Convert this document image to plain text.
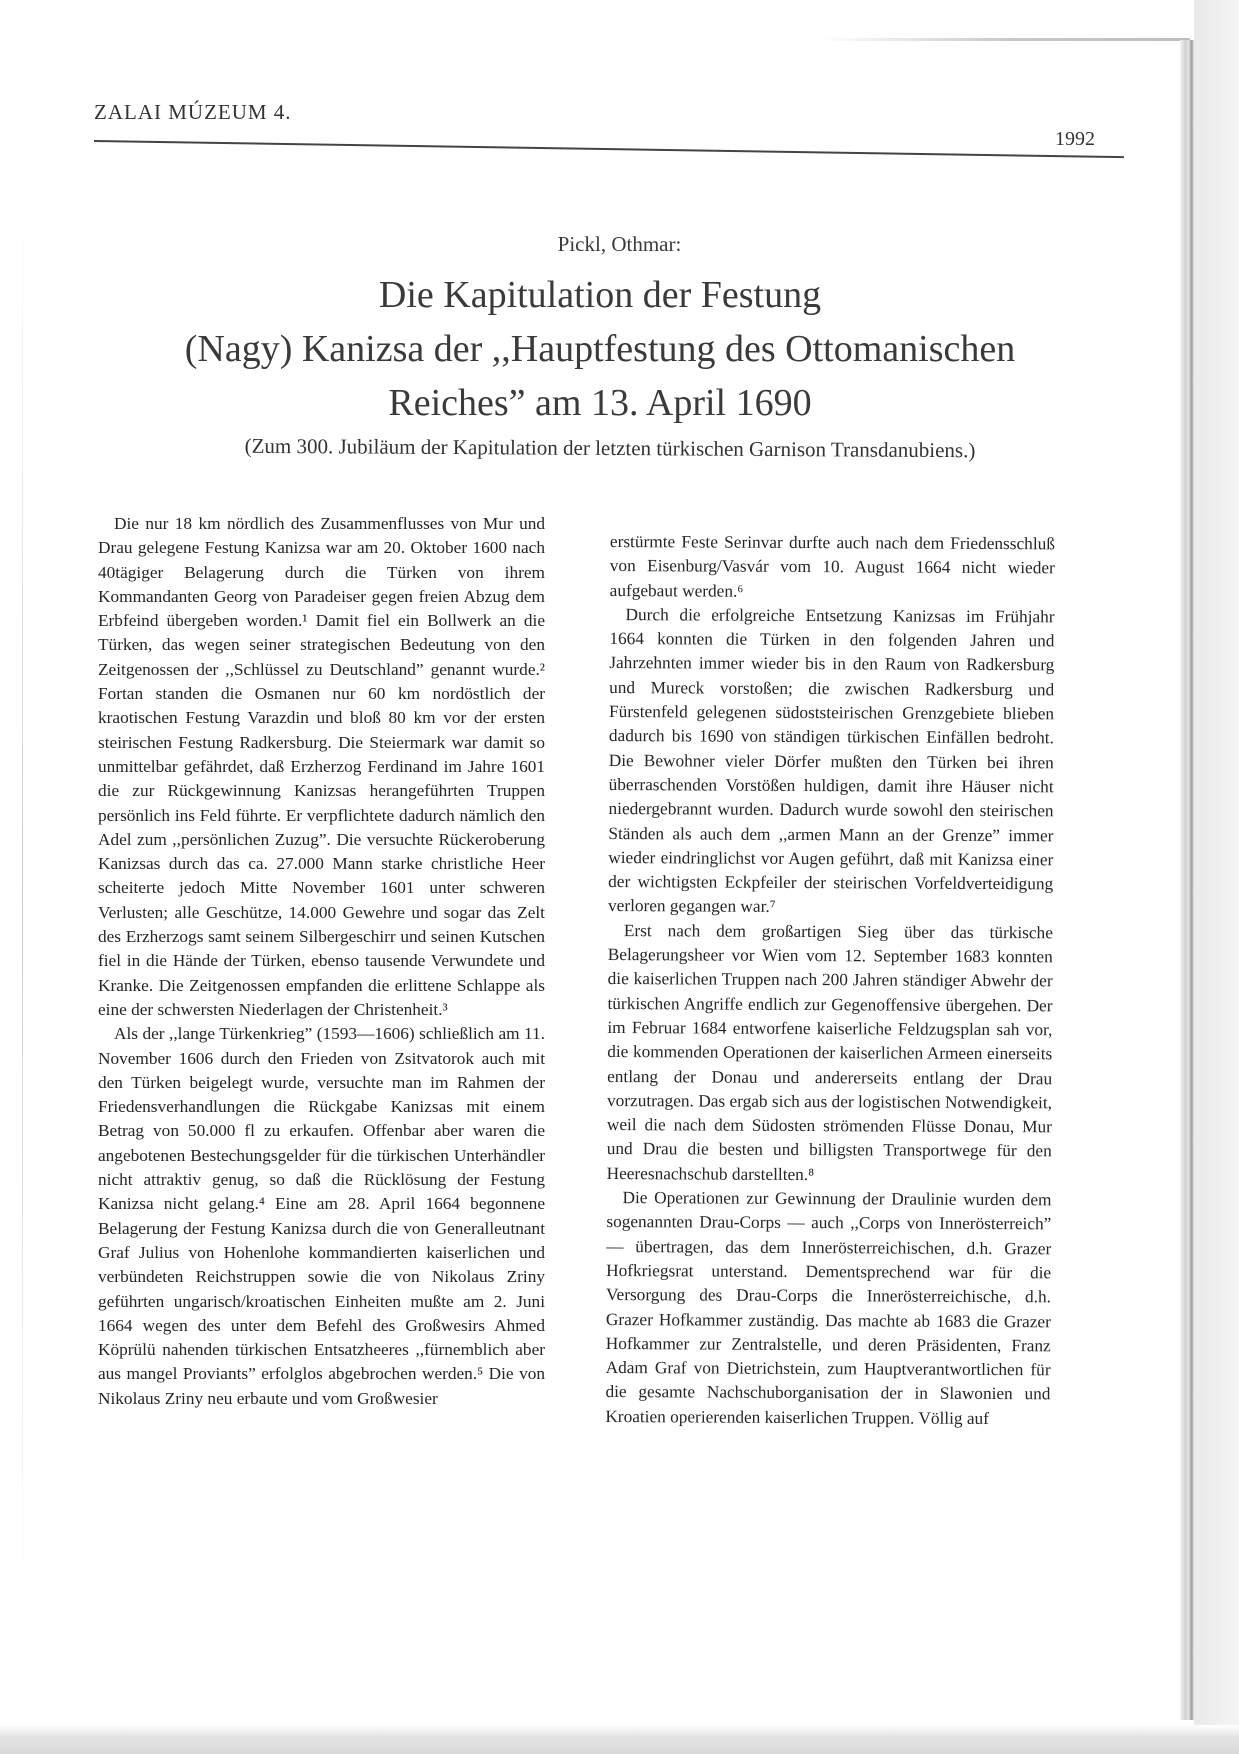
ZALAI MÚZEUM 4.
1992
Pickl, Othmar:
Die Kapitulation der Festung
(Nagy) Kanizsa der ,,Hauptfestung des Ottomanischen
Reiches” am 13. April 1690
(Zum 300. Jubiläum der Kapitulation der letzten türkischen Garnison Transdanubiens.)

Die nur 18 km nördlich des Zusammenflusses von Mur und Drau gelegene Festung Kanizsa war am 20. Oktober 1600 nach 40tägiger Belagerung durch die Türken von ihrem Kommandanten Georg von Paradeiser gegen freien Abzug dem Erbfeind übergeben worden.¹ Damit fiel ein Bollwerk an die Türken, das wegen seiner strategischen Bedeutung von den Zeitgenossen der ,,Schlüssel zu Deutschland” genannt wurde.² Fortan standen die Osmanen nur 60 km nordöstlich der kraotischen Festung Varazdin und bloß 80 km vor der ersten steirischen Festung Radkersburg. Die Steiermark war damit so unmittelbar gefährdet, daß Erzherzog Ferdinand im Jahre 1601 die zur Rückgewinnung Kanizsas herangeführten Truppen persönlich ins Feld führte. Er verpflichtete dadurch nämlich den Adel zum ,,persönlichen Zuzug”. Die versuchte Rückeroberung Kanizsas durch das ca. 27.000 Mann starke christliche Heer scheiterte jedoch Mitte November 1601 unter schweren Verlusten; alle Geschütze, 14.000 Gewehre und sogar das Zelt des Erzherzogs samt seinem Silbergeschirr und seinen Kutschen fiel in die Hände der Türken, ebenso tausende Verwundete und Kranke. Die Zeitgenossen empfanden die erlittene Schlappe als eine der schwersten Niederlagen der Christenheit.³

Als der ,,lange Türkenkrieg” (1593—1606) schließlich am 11. November 1606 durch den Frieden von Zsitvatorok auch mit den Türken beigelegt wurde, versuchte man im Rahmen der Friedensverhandlungen die Rückgabe Kanizsas mit einem Betrag von 50.000 fl zu erkaufen. Offenbar aber waren die angebotenen Bestechungsgelder für die türkischen Unterhändler nicht attraktiv genug, so daß die Rücklösung der Festung Kanizsa nicht gelang.⁴ Eine am 28. April 1664 begonnene Belagerung der Festung Kanizsa durch die von Generalleutnant Graf Julius von Hohenlohe kommandierten kaiserlichen und verbündeten Reichstruppen sowie die von Nikolaus Zriny geführten ungarisch/kroatischen Einheiten mußte am 2. Juni 1664 wegen des unter dem Befehl des Großwesirs Ahmed Köprülü nahenden türkischen Entsatzheeres ,,fürnemblich aber aus mangel Proviants” erfolglos abgebrochen werden.⁵ Die von Nikolaus Zriny neu erbaute und vom Großwesier

erstürmte Feste Serinvar durfte auch nach dem Friedensschluß von Eisenburg/Vasvár vom 10. August 1664 nicht wieder aufgebaut werden.⁶

Durch die erfolgreiche Entsetzung Kanizsas im Frühjahr 1664 konnten die Türken in den folgenden Jahren und Jahrzehnten immer wieder bis in den Raum von Radkersburg und Mureck vorstoßen; die zwischen Radkersburg und Fürstenfeld gelegenen südoststeirischen Grenzgebiete blieben dadurch bis 1690 von ständigen türkischen Einfällen bedroht. Die Bewohner vieler Dörfer mußten den Türken bei ihren überraschenden Vorstößen huldigen, damit ihre Häuser nicht niedergebrannt wurden. Dadurch wurde sowohl den steirischen Ständen als auch dem ,,armen Mann an der Grenze” immer wieder eindringlichst vor Augen geführt, daß mit Kanizsa einer der wichtigsten Eckpfeiler der steirischen Vorfeldverteidigung verloren gegangen war.⁷

Erst nach dem großartigen Sieg über das türkische Belagerungsheer vor Wien vom 12. September 1683 konnten die kaiserlichen Truppen nach 200 Jahren ständiger Abwehr der türkischen Angriffe endlich zur Gegenoffensive übergehen. Der im Februar 1684 entworfene kaiserliche Feldzugsplan sah vor, die kommenden Operationen der kaiserlichen Armeen einerseits entlang der Donau und andererseits entlang der Drau vorzutragen. Das ergab sich aus der logistischen Notwendigkeit, weil die nach dem Südosten strömenden Flüsse Donau, Mur und Drau die besten und billigsten Transportwege für den Heeresnachschub darstellten.⁸

Die Operationen zur Gewinnung der Draulinie wurden dem sogenannten Drau-Corps — auch ,,Corps von Innerösterreich” — übertragen, das dem Innerösterreichischen, d.h. Grazer Hofkriegsrat unterstand. Dementsprechend war für die Versorgung des Drau-Corps die Innerösterreichische, d.h. Grazer Hofkammer zuständig. Das machte ab 1683 die Grazer Hofkammer zur Zentralstelle, und deren Präsidenten, Franz Adam Graf von Dietrichstein, zum Hauptverantwortlichen für die gesamte Nachschuborganisation der in Slawonien und Kroatien operierenden kaiserlichen Truppen. Völlig auf
